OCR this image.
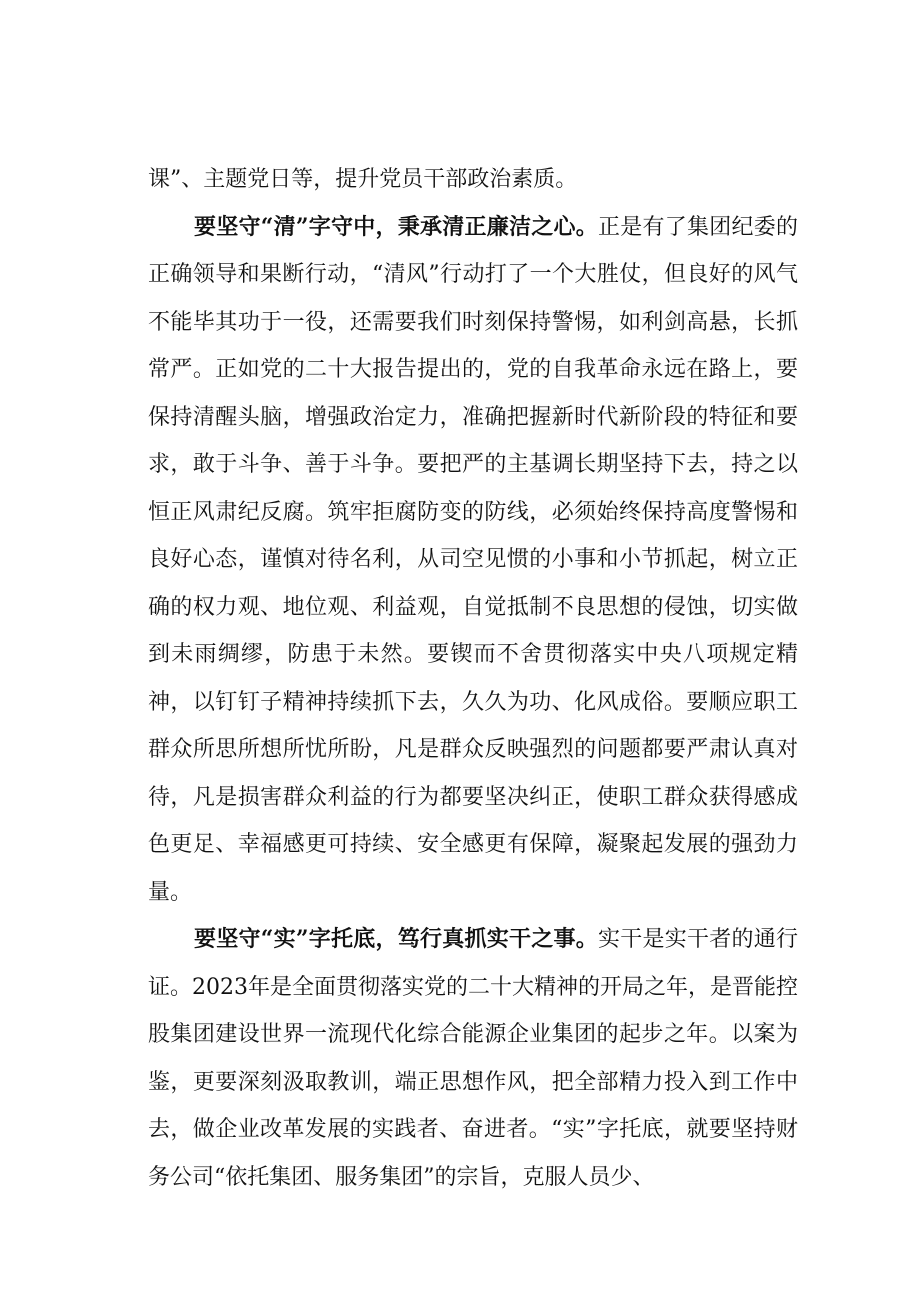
课”、主题党日等，提升党员干部政治素质。

要坚守“清”字守中，秉承清正廉洁之心。正是有了集团纪委的正确领导和果断行动，“清风”行动打了一个大胜仗，但良好的风气不能毕其功于一役，还需要我们时刻保持警惕，如利剑高悬，长抓常严。正如党的二十大报告提出的，党的自我革命永远在路上，要保持清醒头脑，增强政治定力，准确把握新时代新阶段的特征和要求，敢于斗争、善于斗争。要把严的主基调长期坚持下去，持之以恒正风肃纪反腐。筑牢拒腐防变的防线，必须始终保持高度警惕和良好心态，谨慎对待名利，从司空见惯的小事和小节抓起，树立正确的权力观、地位观、利益观，自觉抵制不良思想的侵蚀，切实做到未雨绸缪，防患于未然。要锲而不舍贯彻落实中央八项规定精神，以钉钉子精神持续抓下去，久久为功、化风成俗。要顺应职工群众所思所想所忧所盼，凡是群众反映强烈的问题都要严肃认真对待，凡是损害群众利益的行为都要坚决纠正，使职工群众获得感成色更足、幸福感更可持续、安全感更有保障，凝聚起发展的强劲力量。

要坚守“实”字托底，笃行真抓实干之事。实干是实干者的通行证。2023年是全面贯彻落实党的二十大精神的开局之年，是晋能控股集团建设世界一流现代化综合能源企业集团的起步之年。以案为鉴，更要深刻汲取教训，端正思想作风，把全部精力投入到工作中去，做企业改革发展的实践者、奋进者。“实”字托底，就要坚持财务公司“依托集团、服务集团”的宗旨，克服人员少、
